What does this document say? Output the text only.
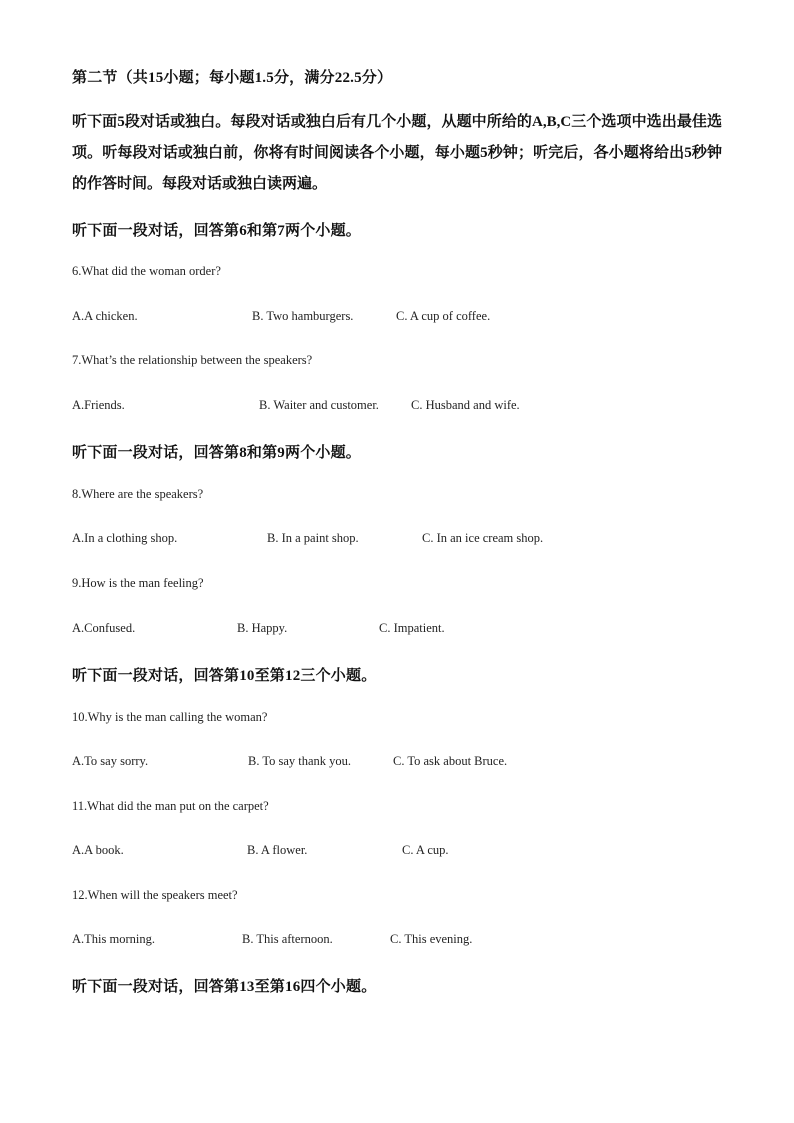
第二节（共15小题；每小题1.5分，满分22.5分）
听下面5段对话或独白。每段对话或独白后有几个小题，从题中所给的A,B,C三个选项中选出最佳选项。听每段对话或独白前，你将有时间阅读各个小题，每小题5秒钟；听完后，各小题将给出5秒钟的作答时间。每段对话或独白读两遍。
听下面一段对话，回答第6和第7两个小题。
6.What did the woman order?
A.A chicken.	B. Two hamburgers.	C. A cup of coffee.
7.What’s the relationship between the speakers?
A.Friends.	B. Waiter and customer.	C. Husband and wife.
听下面一段对话，回答第8和第9两个小题。
8.Where are the speakers?
A.In a clothing shop.	B. In a paint shop.	C. In an ice cream shop.
9.How is the man feeling?
A.Confused.	B. Happy.	C. Impatient.
听下面一段对话，回答第10至第12三个小题。
10.Why is the man calling the woman?
A.To say sorry.	B. To say thank you.	C. To ask about Bruce.
11.What did the man put on the carpet?
A.A book.	B. A flower.	C. A cup.
12.When will the speakers meet?
A.This morning.	B. This afternoon.	C. This evening.
听下面一段对话，回答第13至第16四个小题。
